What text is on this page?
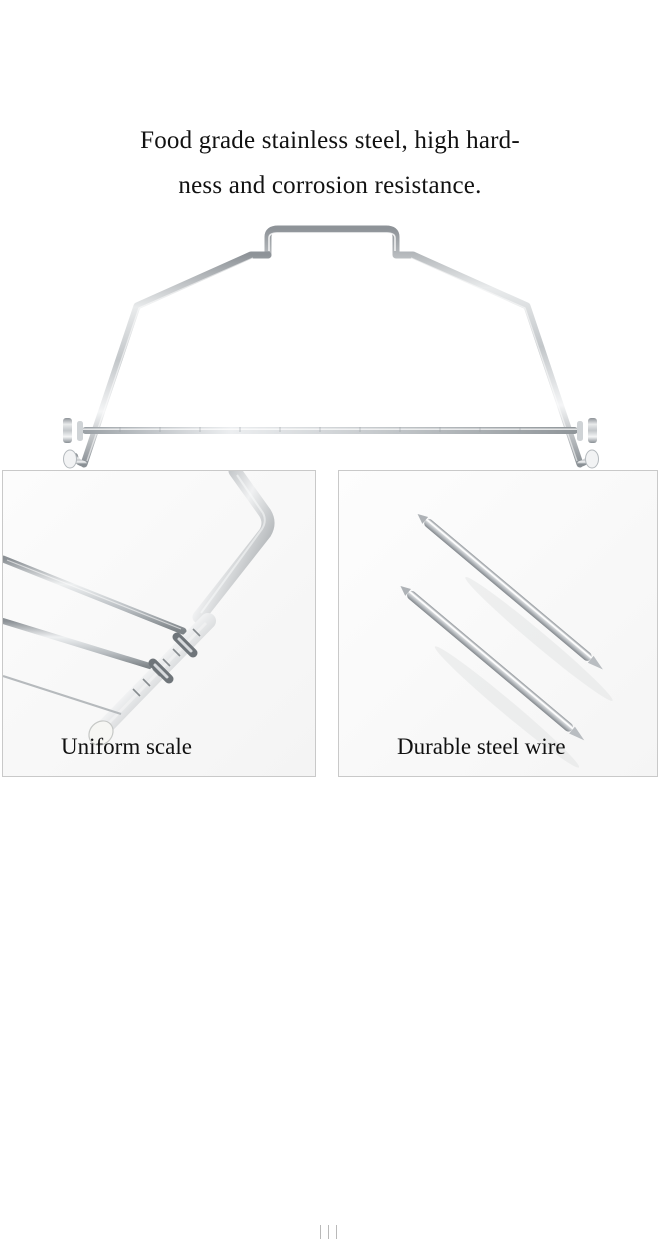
Food grade stainless steel, high hard-
ness and corrosion resistance.
Uniform scale	Durable steel wire
